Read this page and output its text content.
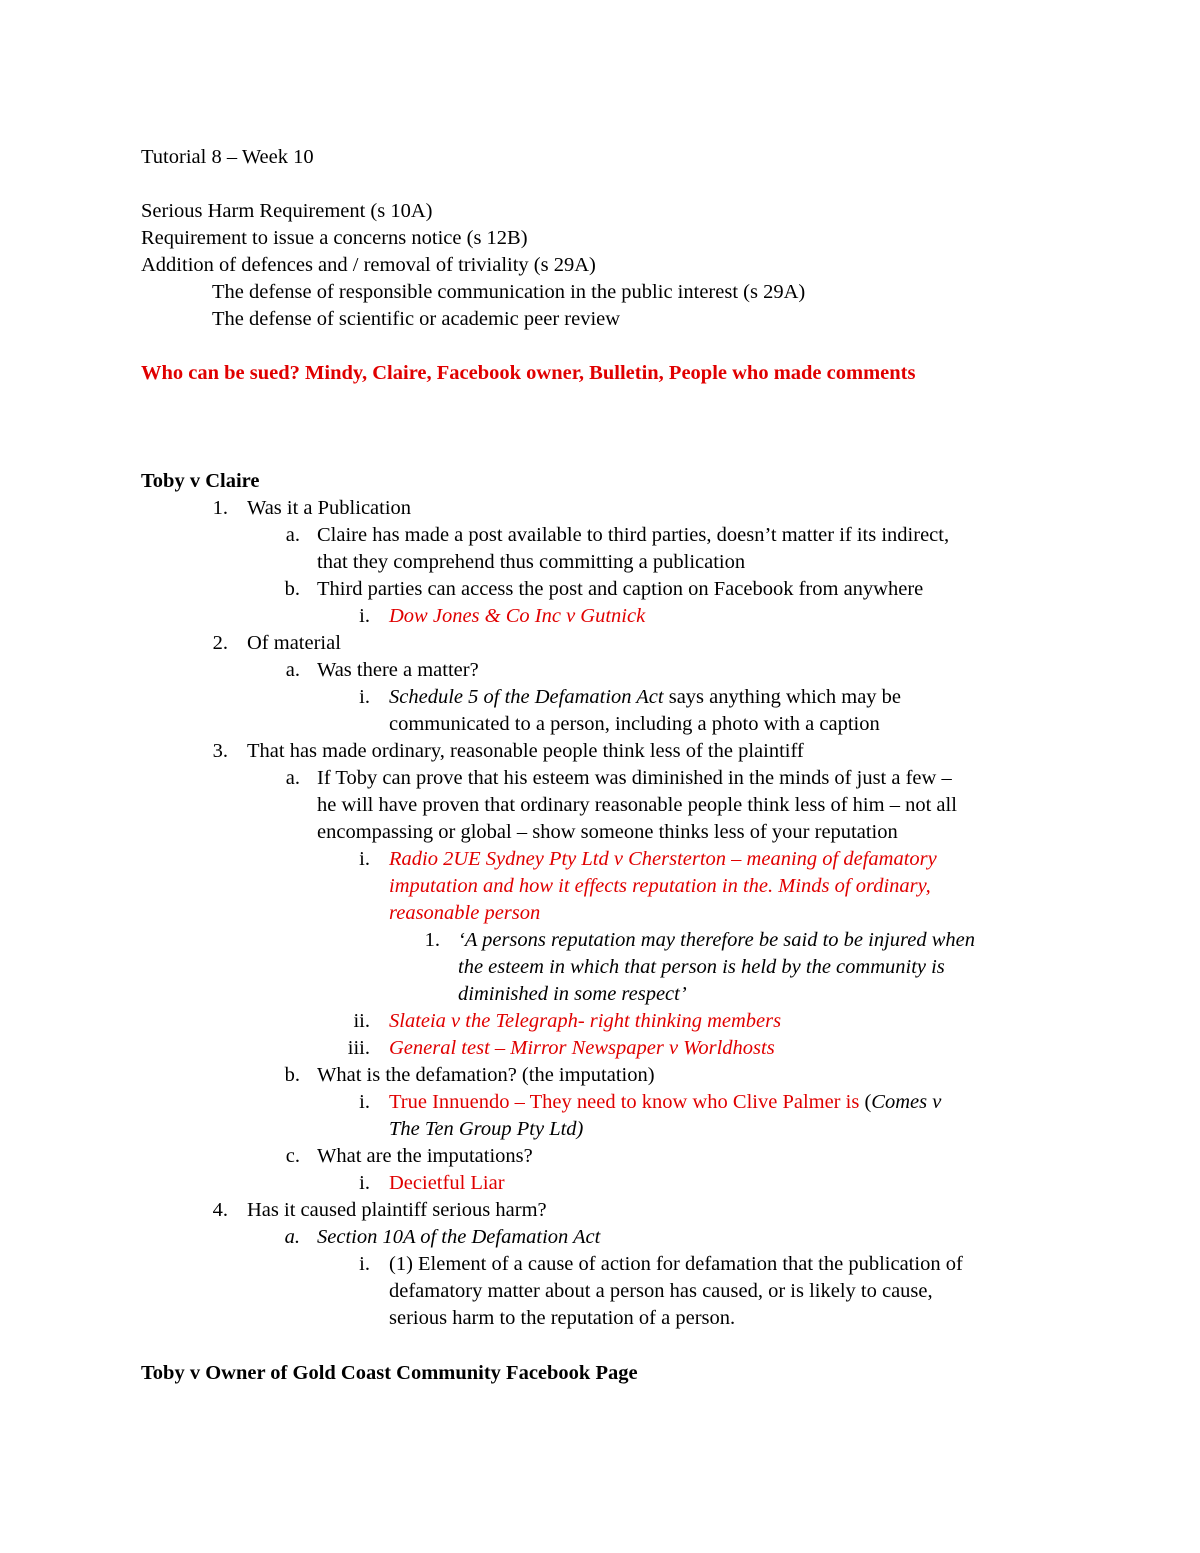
Tutorial 8 – Week 10
Serious Harm Requirement (s 10A)
Requirement to issue a concerns notice (s 12B)
Addition of defences and / removal of triviality (s 29A)
The defense of responsible communication in the public interest (s 29A)
The defense of scientific or academic peer review
Who can be sued? Mindy, Claire, Facebook owner, Bulletin, People who made comments
Toby v Claire
1. Was it a Publication
a. Claire has made a post available to third parties, doesn’t matter if its indirect,
that they comprehend thus committing a publication
b. Third parties can access the post and caption on Facebook from anywhere
i. Dow Jones & Co Inc v Gutnick
2. Of material
a. Was there a matter?
i. Schedule 5 of the Defamation Act says anything which may be
communicated to a person, including a photo with a caption
3. That has made ordinary, reasonable people think less of the plaintiff
a. If Toby can prove that his esteem was diminished in the minds of just a few –
he will have proven that ordinary reasonable people think less of him – not all
encompassing or global – show someone thinks less of your reputation
i. Radio 2UE Sydney Pty Ltd v Chersterton – meaning of defamatory
imputation and how it effects reputation in the. Minds of ordinary,
reasonable person
1. ‘A persons reputation may therefore be said to be injured when
the esteem in which that person is held by the community is
diminished in some respect’
ii. Slateia v the Telegraph- right thinking members
iii. General test – Mirror Newspaper v Worldhosts
b. What is the defamation? (the imputation)
i. True Innuendo – They need to know who Clive Palmer is (Comes v
The Ten Group Pty Ltd)
c. What are the imputations?
i. Decietful Liar
4. Has it caused plaintiff serious harm?
a. Section 10A of the Defamation Act
i. (1) Element of a cause of action for defamation that the publication of
defamatory matter about a person has caused, or is likely to cause,
serious harm to the reputation of a person.
Toby v Owner of Gold Coast Community Facebook Page
